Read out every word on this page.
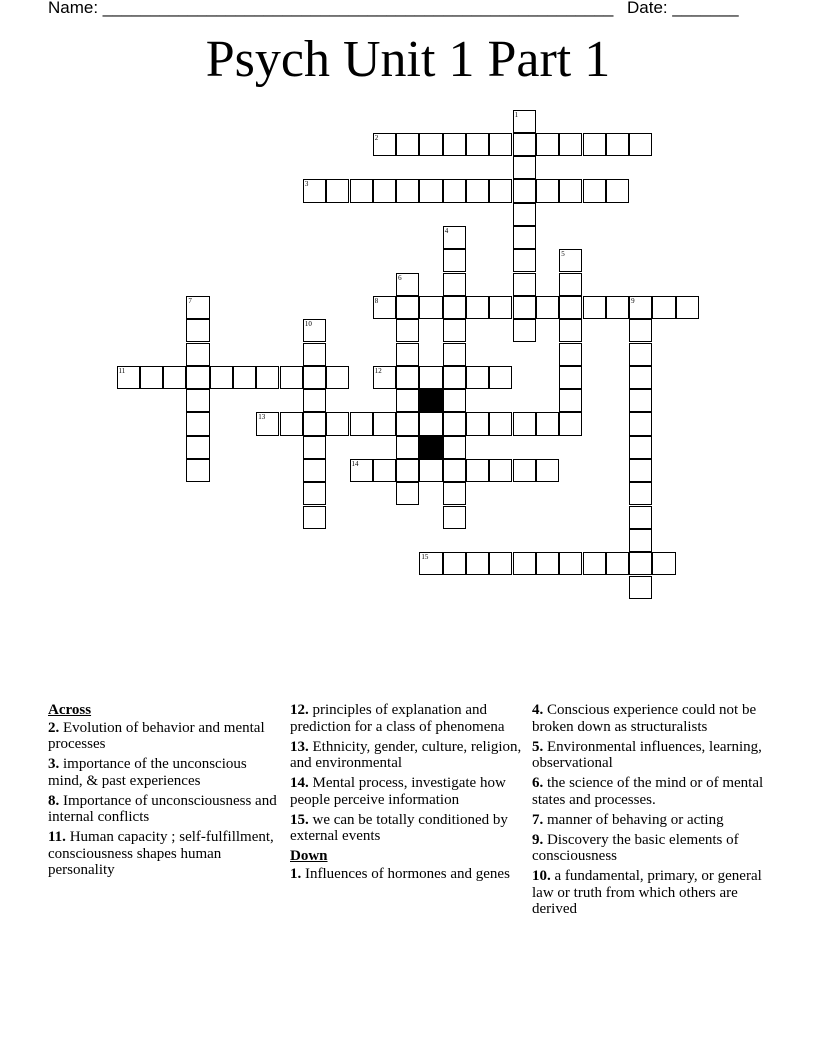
Name: ______________________________________________________ Date: _______
Psych Unit 1 Part 1
2
3
8	9
11	12
13
14
15
1
4
5
6
7
10
Across
2. Evolution of behavior and mental processes
3. importance of the unconscious mind, & past experiences
8. Importance of unconsciousness and internal conflicts
11. Human capacity ; self-fulfillment, consciousness shapes human personality
12. principles of explanation and prediction for a class of phenomena
13. Ethnicity, gender, culture, religion, and environmental
14. Mental process, investigate how people perceive information
15. we can be totally conditioned by external events
Down
1. Influences of hormones and genes
4. Conscious experience could not be broken down as structuralists
5. Environmental influences, learning, observational
6. the science of the mind or of mental states and processes.
7. manner of behaving or acting
9. Discovery the basic elements of consciousness
10. a fundamental, primary, or general law or truth from which others are derived
